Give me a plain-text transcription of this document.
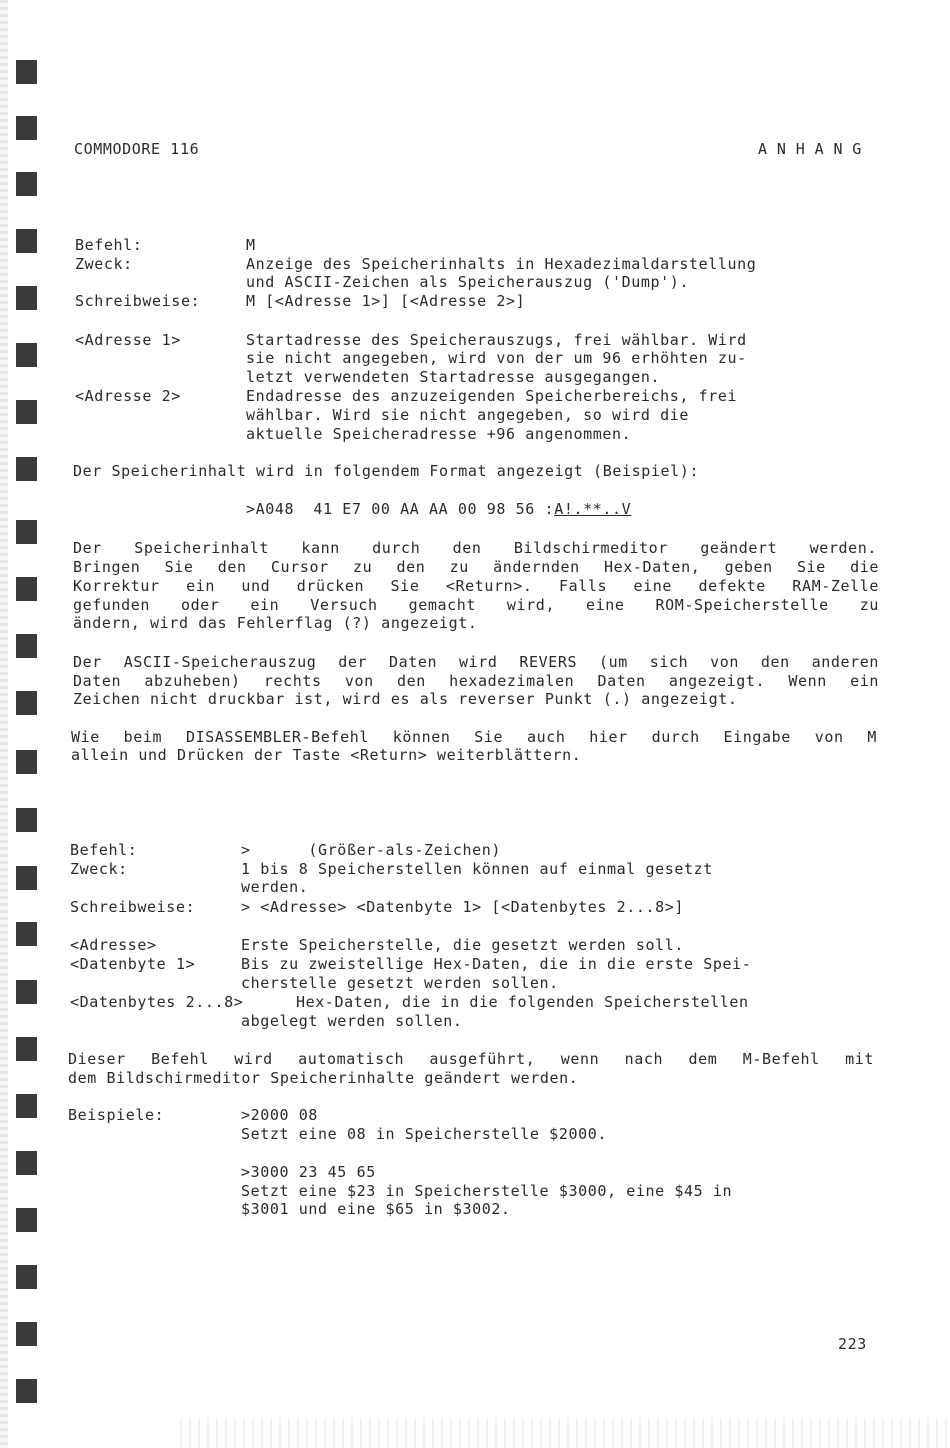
COMMODORE 116	A N H A N G
Befehl:	M
Zweck:	Anzeige des Speicherinhalts in Hexadezimaldarstellung
und ASCII-Zeichen als Speicherauszug ('Dump').
Schreibweise:	M [<Adresse 1>] [<Adresse 2>]
<Adresse 1>	Startadresse des Speicherauszugs, frei wählbar. Wird
sie nicht angegeben, wird von der um 96 erhöhten zu-
letzt verwendeten Startadresse ausgegangen.
<Adresse 2>	Endadresse des anzuzeigenden Speicherbereichs, frei
wählbar. Wird sie nicht angegeben, so wird die
aktuelle Speicheradresse +96 angenommen.
Der Speicherinhalt wird in folgendem Format angezeigt (Beispiel):
>A048  41 E7 00 AA AA 00 98 56 :A!.**..V
Der Speicherinhalt kann durch den Bildschirmeditor geändert werden.
Bringen Sie den Cursor zu den zu ändernden Hex-Daten, geben Sie die
Korrektur ein und drücken Sie <Return>. Falls eine defekte RAM-Zelle
gefunden oder ein Versuch gemacht wird, eine ROM-Speicherstelle zu
ändern, wird das Fehlerflag (?) angezeigt.
Der ASCII-Speicherauszug der Daten wird REVERS (um sich von den anderen
Daten abzuheben) rechts von den hexadezimalen Daten angezeigt. Wenn ein
Zeichen nicht druckbar ist, wird es als reverser Punkt (.) angezeigt.
Wie beim DISASSEMBLER-Befehl können Sie auch hier durch Eingabe von M
allein und Drücken der Taste <Return> weiterblättern.
Befehl:	>      (Größer-als-Zeichen)
Zweck:	1 bis 8 Speicherstellen können auf einmal gesetzt
werden.
Schreibweise:	> <Adresse> <Datenbyte 1> [<Datenbytes 2...8>]
<Adresse>	Erste Speicherstelle, die gesetzt werden soll.
<Datenbyte 1>	Bis zu zweistellige Hex-Daten, die in die erste Spei-
cherstelle gesetzt werden sollen.
<Datenbytes 2...8>	Hex-Daten, die in die folgenden Speicherstellen
abgelegt werden sollen.
Dieser Befehl wird automatisch ausgeführt, wenn nach dem M-Befehl mit
dem Bildschirmeditor Speicherinhalte geändert werden.
Beispiele:	>2000 08
Setzt eine 08 in Speicherstelle $2000.
>3000 23 45 65
Setzt eine $23 in Speicherstelle $3000, eine $45 in
$3001 und eine $65 in $3002.
223
